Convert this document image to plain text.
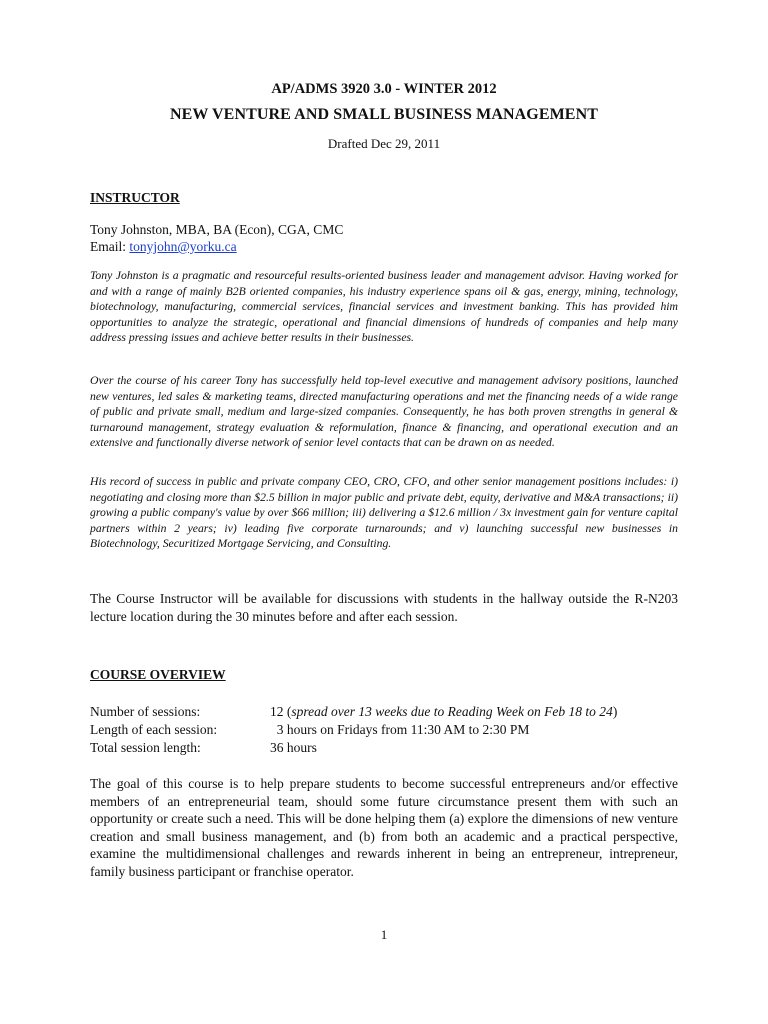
AP/ADMS 3920 3.0 - WINTER 2012
NEW VENTURE AND SMALL BUSINESS MANAGEMENT
Drafted Dec 29, 2011
INSTRUCTOR
Tony Johnston, MBA, BA (Econ), CGA, CMC
Email: tonyjohn@yorku.ca

Tony Johnston is a pragmatic and resourceful results-oriented business leader and management advisor. Having worked for and with a range of mainly B2B oriented companies, his industry experience spans oil & gas, energy, mining, technology, biotechnology, manufacturing, commercial services, financial services and investment banking. This has provided him opportunities to analyze the strategic, operational and financial dimensions of hundreds of companies and help many address pressing issues and achieve better results in their businesses.

Over the course of his career Tony has successfully held top-level executive and management advisory positions, launched new ventures, led sales & marketing teams, directed manufacturing operations and met the financing needs of a wide range of public and private small, medium and large-sized companies. Consequently, he has both proven strengths in general & turnaround management, strategy evaluation & reformulation, finance & financing, and operational execution and an extensive and functionally diverse network of senior level contacts that can be drawn on as needed.

His record of success in public and private company CEO, CRO, CFO, and other senior management positions includes: i) negotiating and closing more than $2.5 billion in major public and private debt, equity, derivative and M&A transactions; ii) growing a public company's value by over $66 million; iii) delivering a $12.6 million / 3x investment gain for venture capital partners within 2 years; iv) leading five corporate turnarounds; and v) launching successful new businesses in Biotechnology, Securitized Mortgage Servicing, and Consulting.

The Course Instructor will be available for discussions with students in the hallway outside the R-N203 lecture location during the 30 minutes before and after each session.

COURSE OVERVIEW
Number of sessions:	12 (spread over 13 weeks due to Reading Week on Feb 18 to 24)
Length of each session:	3 hours on Fridays from 11:30 AM to 2:30 PM
Total session length:	36 hours

The goal of this course is to help prepare students to become successful entrepreneurs and/or effective members of an entrepreneurial team, should some future circumstance present them with such an opportunity or create such a need. This will be done helping them (a) explore the dimensions of new venture creation and small business management, and (b) from both an academic and a practical perspective, examine the multidimensional challenges and rewards inherent in being an entrepreneur, intrepreneur, family business participant or franchise operator.

1
